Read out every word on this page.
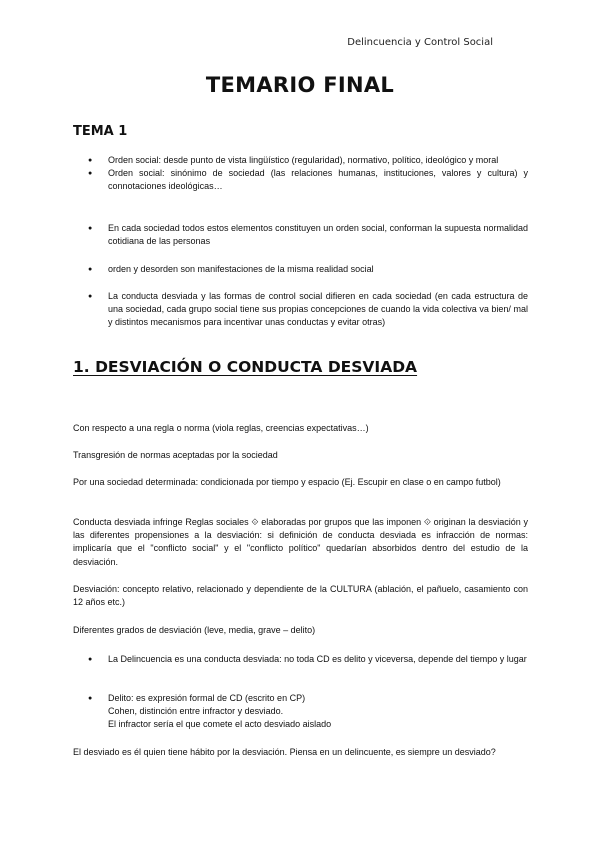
Delincuencia y Control Social
TEMARIO FINAL
TEMA 1
● Orden social: desde punto de vista lingüístico (regularidad), normativo, político, ideológico y moral
● Orden social: sinónimo de sociedad (las relaciones humanas, instituciones, valores y cultura) y connotaciones ideológicas…
● En cada sociedad todos estos elementos constituyen un orden social, conforman la supuesta normalidad cotidiana de las personas
● orden y desorden son manifestaciones de la misma realidad social
● La conducta desviada y las formas de control social difieren en cada sociedad (en cada estructura de una sociedad, cada grupo social tiene sus propias concepciones de cuando la vida colectiva va bien/ mal y distintos mecanismos para incentivar unas conductas y evitar otras)
1. DESVIACIÓN O CONDUCTA DESVIADA

Con respecto a una regla o norma (viola reglas, creencias expectativas…)

Transgresión de normas aceptadas por la sociedad

Por una sociedad determinada: condicionada por tiempo y espacio (Ej. Escupir en clase o en campo futbol)

Conducta desviada infringe Reglas sociales ⟐ elaboradas por grupos que las imponen ⟐ originan la desviación y las diferentes propensiones a la desviación: si definición de conducta desviada es infracción de normas: implicaría que el "conflicto social" y el "conflicto político" quedarían absorbidos dentro del estudio de la desviación.

Desviación: concepto relativo, relacionado y dependiente de la CULTURA (ablación, el pañuelo, casamiento con 12 años etc.)

Diferentes grados de desviación (leve, media, grave – delito)

● La Delincuencia es una conducta desviada: no toda CD es delito y viceversa, depende del tiempo y lugar
● Delito: es expresión formal de CD (escrito en CP)
Cohen, distinción entre infractor y desviado.
El infractor sería el que comete el acto desviado aislado

El desviado es él quien tiene hábito por la desviación. Piensa en un delincuente, es siempre un desviado?
